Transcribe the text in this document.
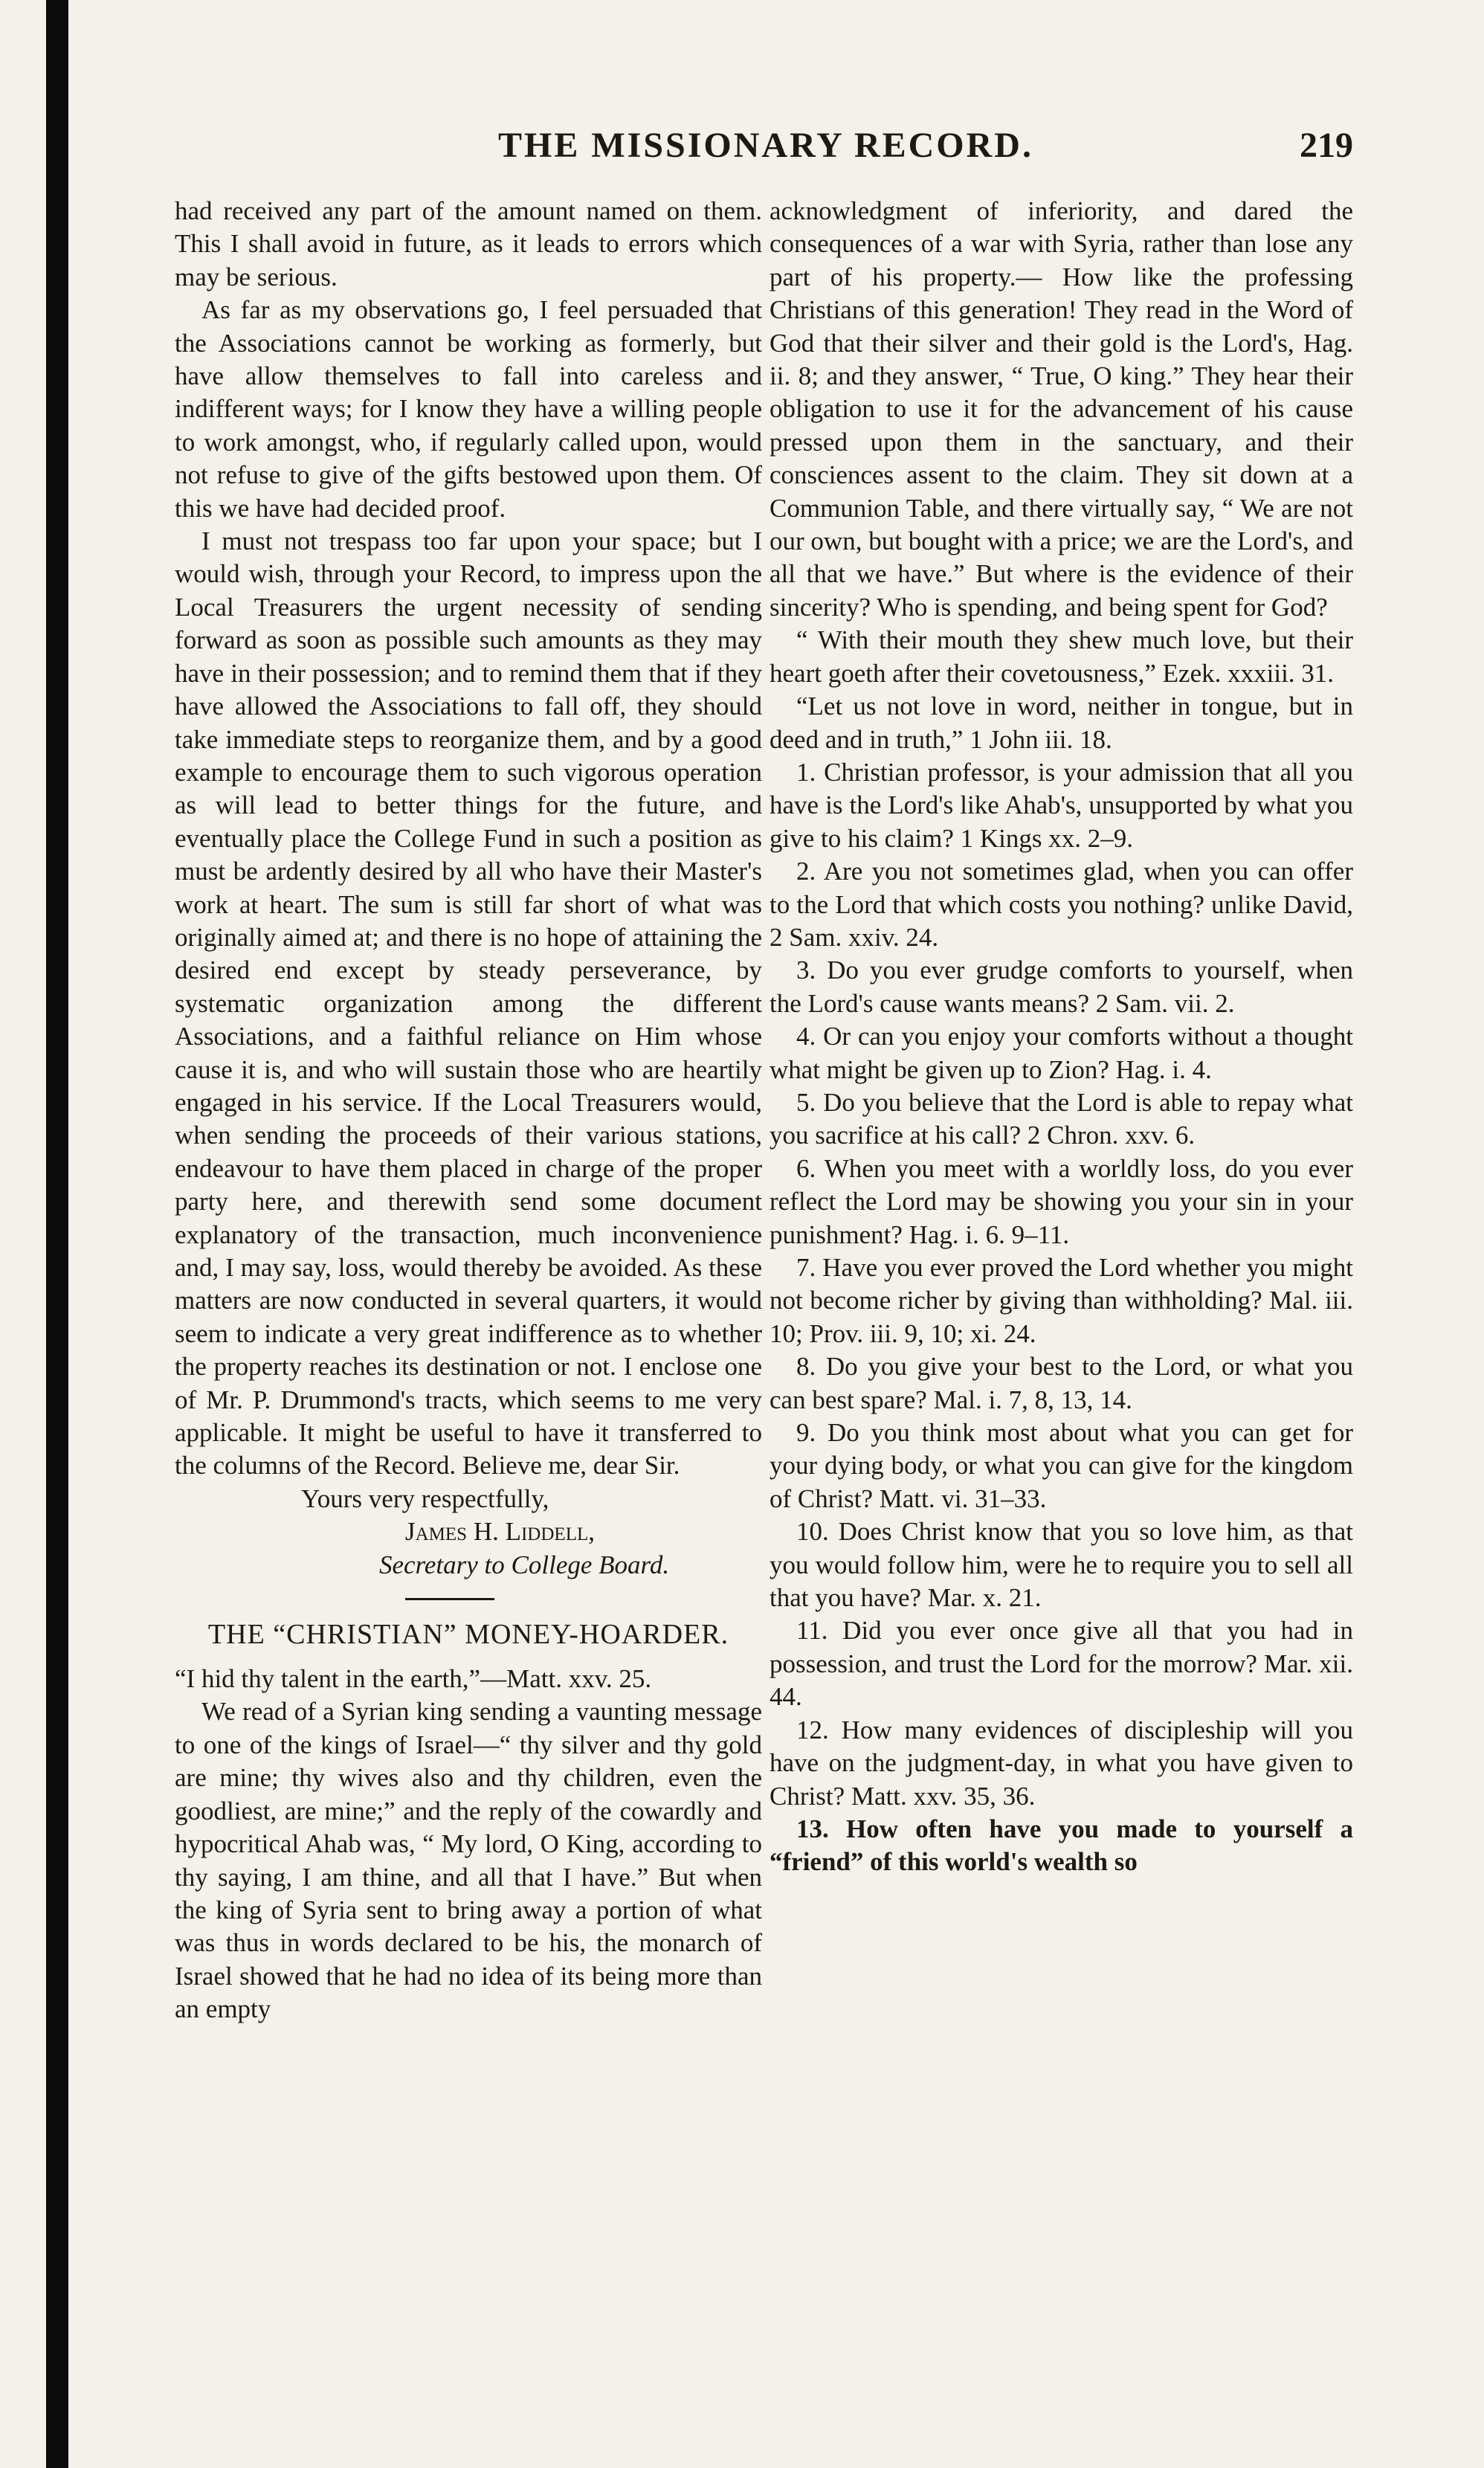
THE MISSIONARY RECORD.	219

had received any part of the amount named on them. This I shall avoid in future, as it leads to errors which may be serious.

As far as my observations go, I feel persuaded that the Associations cannot be working as formerly, but have allow themselves to fall into careless and indifferent ways; for I know they have a willing people to work amongst, who, if regularly called upon, would not refuse to give of the gifts bestowed upon them. Of this we have had decided proof.

I must not trespass too far upon your space; but I would wish, through your Record, to impress upon the Local Treasurers the urgent necessity of sending forward as soon as possible such amounts as they may have in their possession; and to remind them that if they have allowed the Associations to fall off, they should take immediate steps to reorganize them, and by a good example to encourage them to such vigorous operation as will lead to better things for the future, and eventually place the College Fund in such a position as must be ardently desired by all who have their Master's work at heart. The sum is still far short of what was originally aimed at; and there is no hope of attaining the desired end except by steady perseverance, by systematic organization among the different Associations, and a faithful reliance on Him whose cause it is, and who will sustain those who are heartily engaged in his service. If the Local Treasurers would, when sending the proceeds of their various stations, endeavour to have them placed in charge of the proper party here, and therewith send some document explanatory of the transaction, much inconvenience and, I may say, loss, would thereby be avoided. As these matters are now conducted in several quarters, it would seem to indicate a very great indifference as to whether the property reaches its destination or not. I enclose one of Mr. P. Drummond's tracts, which seems to me very applicable. It might be useful to have it transferred to the columns of the Record. Believe me, dear Sir.

Yours very respectfully,

James H. Liddell,

Secretary to College Board.

THE “CHRISTIAN” MONEY-HOARDER.

“I hid thy talent in the earth,”—Matt. xxv. 25.

We read of a Syrian king sending a vaunting message to one of the kings of Israel—“ thy silver and thy gold are mine; thy wives also and thy children, even the goodliest, are mine;” and the reply of the cowardly and hypocritical Ahab was, “ My lord, O King, according to thy saying, I am thine, and all that I have.” But when the king of Syria sent to bring away a portion of what was thus in words declared to be his, the monarch of Israel showed that he had no idea of its being more than an empty

acknowledgment of inferiority, and dared the consequences of a war with Syria, rather than lose any part of his property.— How like the professing Christians of this generation! They read in the Word of God that their silver and their gold is the Lord's, Hag. ii. 8; and they answer, “ True, O king.” They hear their obligation to use it for the advancement of his cause pressed upon them in the sanctuary, and their consciences assent to the claim. They sit down at a Communion Table, and there virtually say, “ We are not our own, but bought with a price; we are the Lord's, and all that we have.” But where is the evidence of their sincerity? Who is spending, and being spent for God?

“ With their mouth they shew much love, but their heart goeth after their covetousness,” Ezek. xxxiii. 31.

“Let us not love in word, neither in tongue, but in deed and in truth,” 1 John iii. 18.

1. Christian professor, is your admission that all you have is the Lord's like Ahab's, unsupported by what you give to his claim? 1 Kings xx. 2–9.

2. Are you not sometimes glad, when you can offer to the Lord that which costs you nothing? unlike David, 2 Sam. xxiv. 24.

3. Do you ever grudge comforts to yourself, when the Lord's cause wants means? 2 Sam. vii. 2.

4. Or can you enjoy your comforts without a thought what might be given up to Zion? Hag. i. 4.

5. Do you believe that the Lord is able to repay what you sacrifice at his call? 2 Chron. xxv. 6.

6. When you meet with a worldly loss, do you ever reflect the Lord may be showing you your sin in your punishment? Hag. i. 6. 9–11.

7. Have you ever proved the Lord whether you might not become richer by giving than withholding? Mal. iii. 10; Prov. iii. 9, 10; xi. 24.

8. Do you give your best to the Lord, or what you can best spare? Mal. i. 7, 8, 13, 14.

9. Do you think most about what you can get for your dying body, or what you can give for the kingdom of Christ? Matt. vi. 31–33.

10. Does Christ know that you so love him, as that you would follow him, were he to require you to sell all that you have? Mar. x. 21.

11. Did you ever once give all that you had in possession, and trust the Lord for the morrow? Mar. xii. 44.

12. How many evidences of discipleship will you have on the judgment-day, in what you have given to Christ? Matt. xxv. 35, 36.

13. How often have you made to yourself a “friend” of this world's wealth so
